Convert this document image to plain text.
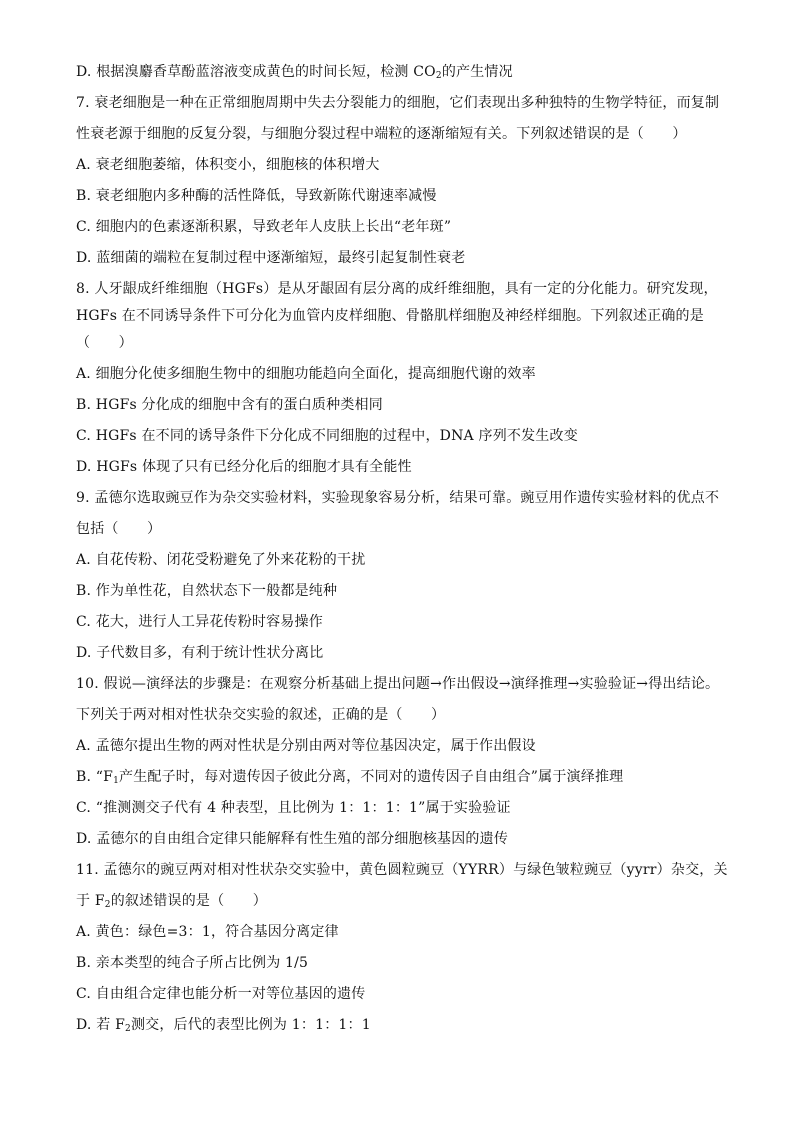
D. 根据溴麝香草酚蓝溶液变成黄色的时间长短，检测 $CO_2$的产生情况
7. 衰老细胞是一种在正常细胞周期中失去分裂能力的细胞，它们表现出多种独特的生物学特征，而复制
性衰老源于细胞的反复分裂，与细胞分裂过程中端粒的逐渐缩短有关。下列叙述错误的是（　　）
A. 衰老细胞萎缩，体积变小，细胞核的体积增大
B. 衰老细胞内多种酶的活性降低，导致新陈代谢速率减慢
C. 细胞内的色素逐渐积累，导致老年人皮肤上长出“老年斑”
D. 蓝细菌的端粒在复制过程中逐渐缩短，最终引起复制性衰老
8. 人牙龈成纤维细胞（HGFs）是从牙龈固有层分离的成纤维细胞，具有一定的分化能力。研究发现，
HGFs 在不同诱导条件下可分化为血管内皮样细胞、骨骼肌样细胞及神经样细胞。下列叙述正确的是
（　　）
A. 细胞分化使多细胞生物中的细胞功能趋向全面化，提高细胞代谢的效率
B. HGFs 分化成的细胞中含有的蛋白质种类相同
C. HGFs 在不同的诱导条件下分化成不同细胞的过程中，DNA 序列不发生改变
D. HGFs 体现了只有已经分化后的细胞才具有全能性
9. 孟德尔选取豌豆作为杂交实验材料，实验现象容易分析，结果可靠。豌豆用作遗传实验材料的优点不
包括（　　）
A. 自花传粉、闭花受粉避免了外来花粉的干扰
B. 作为单性花，自然状态下一般都是纯种
C. 花大，进行人工异花传粉时容易操作
D. 子代数目多，有利于统计性状分离比
10. 假说—演绎法的步骤是：在观察分析基础上提出问题→作出假设→演绎推理→实验验证→得出结论。
下列关于两对相对性状杂交实验的叙述，正确的是（　　）
A. 孟德尔提出生物的两对性状是分别由两对等位基因决定，属于作出假设
B. “$F_1$产生配子时，每对遗传因子彼此分离，不同对的遗传因子自由组合”属于演绎推理
C. “推测测交子代有 4 种表型，且比例为 1：1：1：1”属于实验验证
D. 孟德尔的自由组合定律只能解释有性生殖的部分细胞核基因的遗传
11. 孟德尔的豌豆两对相对性状杂交实验中，黄色圆粒豌豆（YYRR）与绿色皱粒豌豆（yyrr）杂交，关
于 $F_2$的叙述错误的是（　　）
A. 黄色：绿色=3：1，符合基因分离定律
B. 亲本类型的纯合子所占比例为 1/5
C. 自由组合定律也能分析一对等位基因的遗传
D. 若 $F_2$测交，后代的表型比例为 1：1：1：1
